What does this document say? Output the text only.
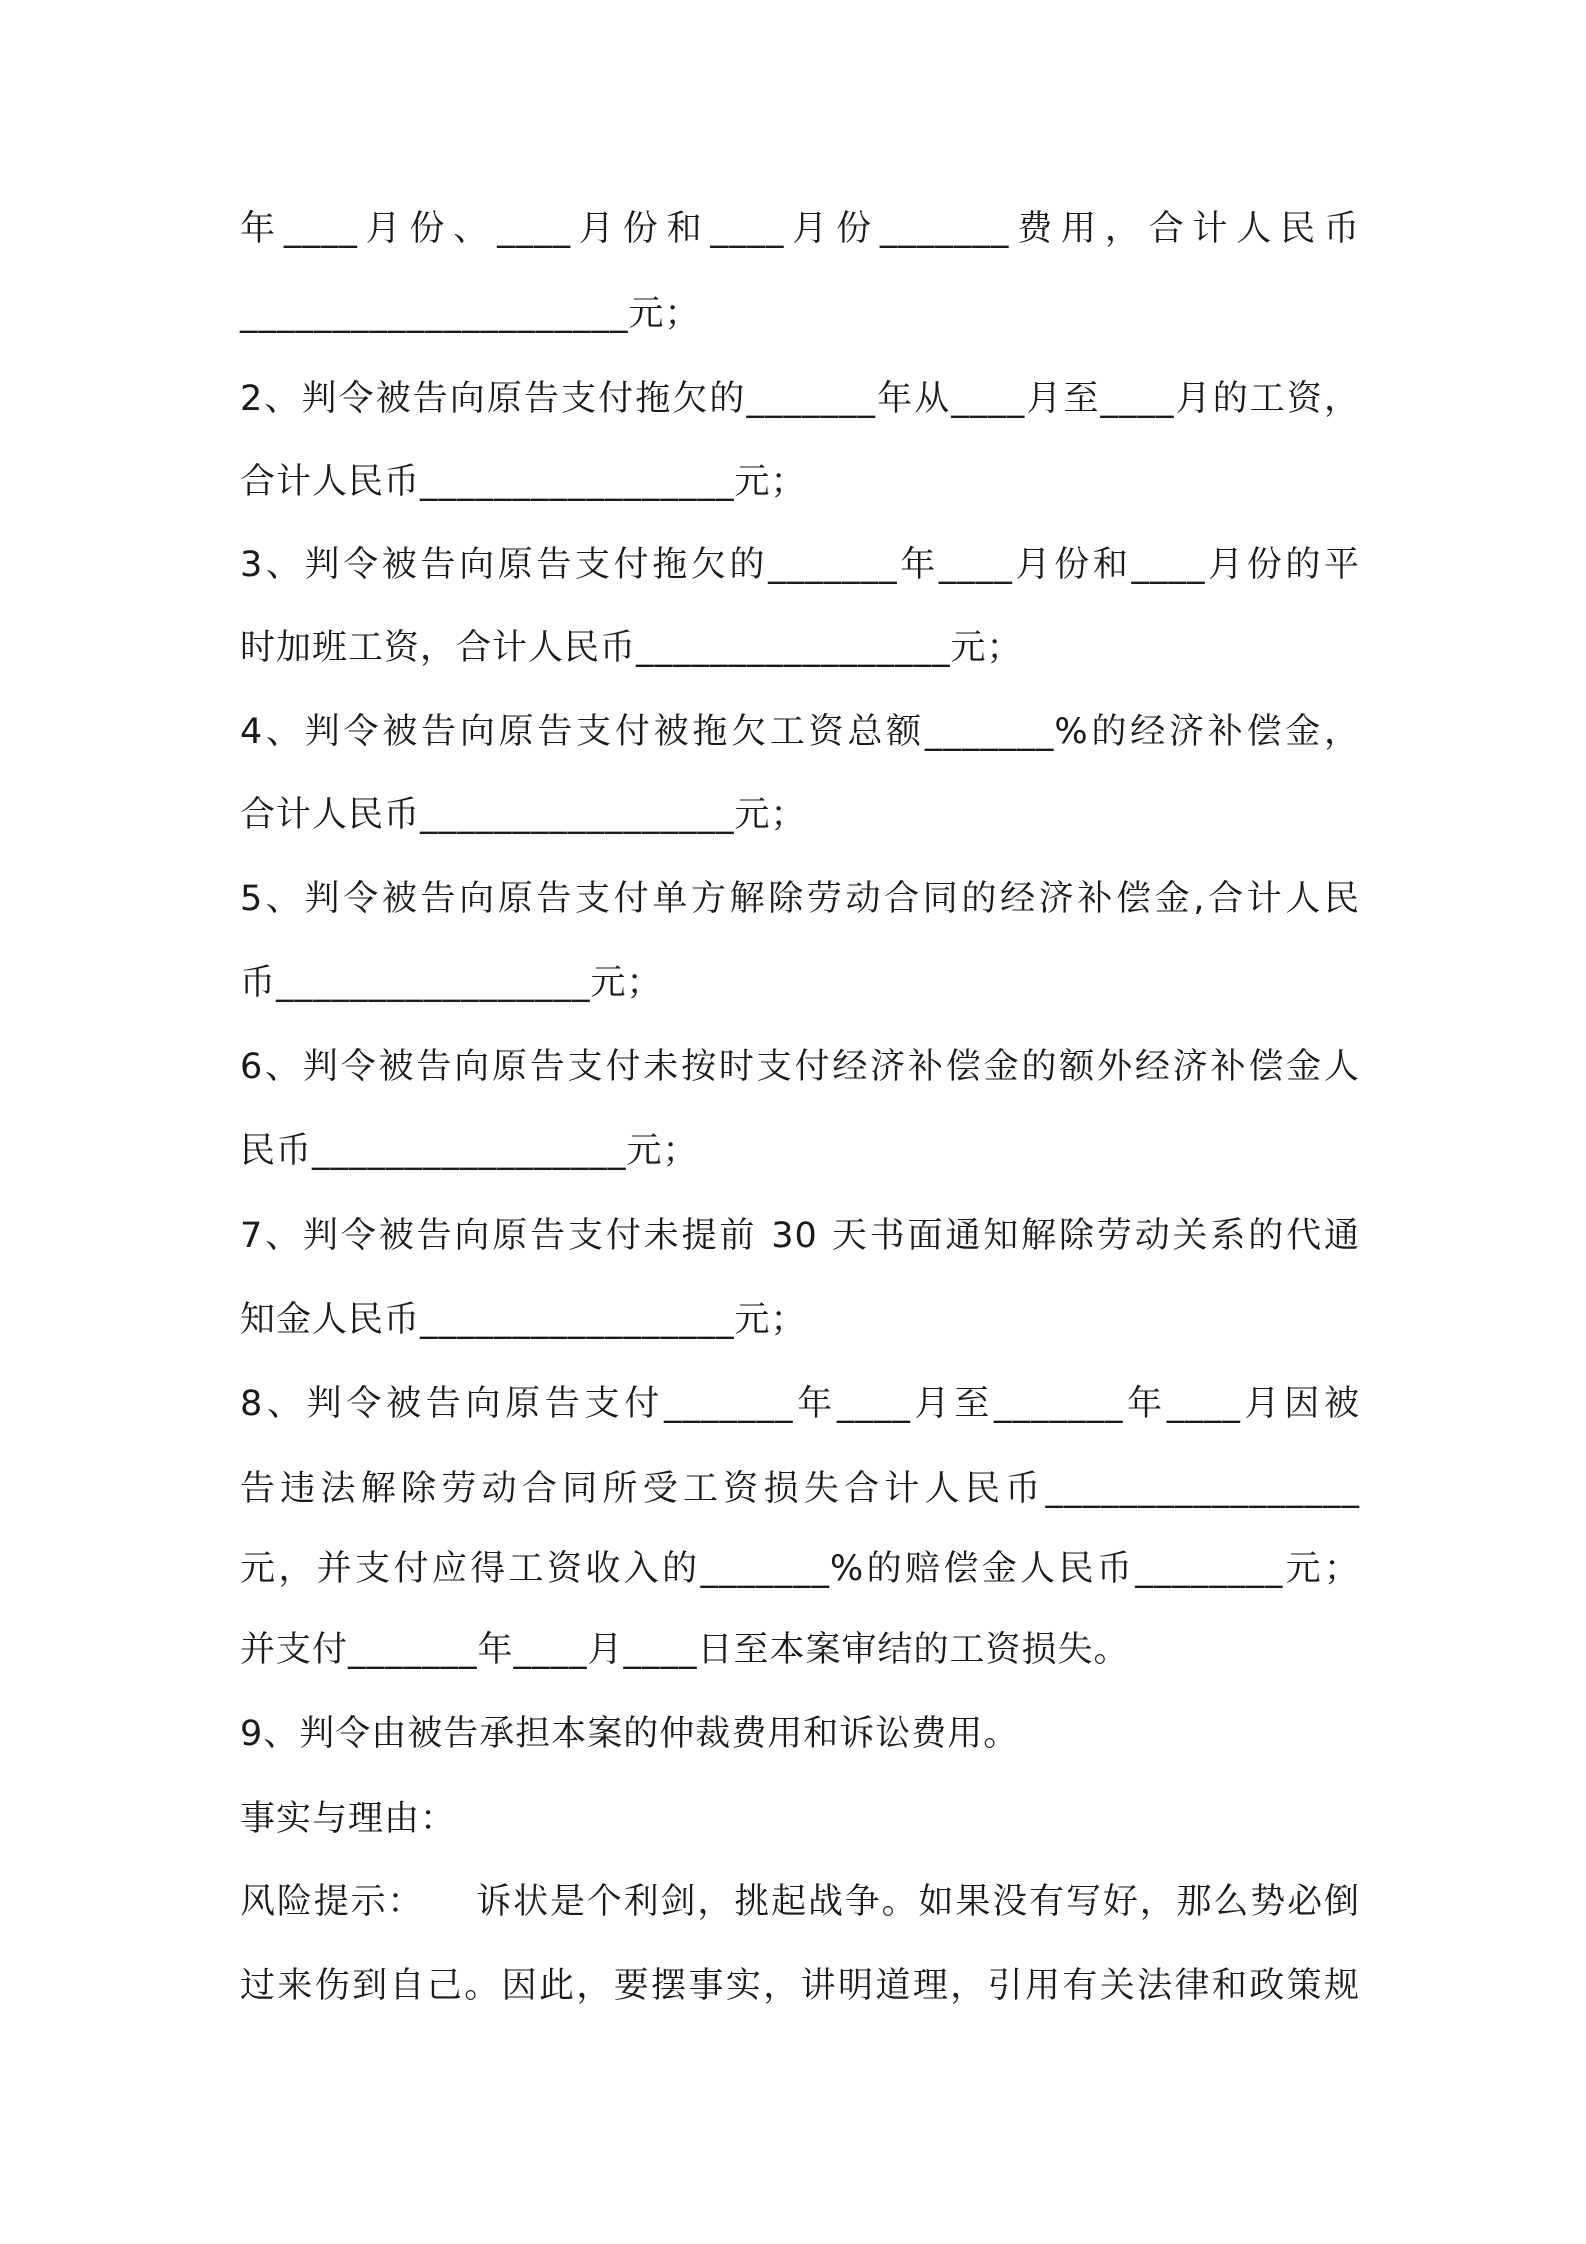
年____月份、____月份和____月份_______费用，合计人民币
_____________________元；
2、判令被告向原告支付拖欠的_______年从____月至____月的工资，
合计人民币_________________元；
3、判令被告向原告支付拖欠的_______年____月份和____月份的平
时加班工资，合计人民币_________________元；
4、判令被告向原告支付被拖欠工资总额_______%的经济补偿金，
合计人民币_________________元；
5、判令被告向原告支付单方解除劳动合同的经济补偿金,合计人民
币_________________元；
6、判令被告向原告支付未按时支付经济补偿金的额外经济补偿金人
民币_________________元；
7、判令被告向原告支付未提前 30 天书面通知解除劳动关系的代通
知金人民币_________________元；
8、判令被告向原告支付_______年____月至_______年____月因被
告违法解除劳动合同所受工资损失合计人民币_________________
元，并支付应得工资收入的_______%的赔偿金人民币________元；
并支付_______年____月____日至本案审结的工资损失。
9、判令由被告承担本案的仲裁费用和诉讼费用。
事实与理由：
风险提示：    诉状是个利剑，挑起战争。如果没有写好，那么势必倒
过来伤到自己。因此，要摆事实，讲明道理，引用有关法律和政策规
